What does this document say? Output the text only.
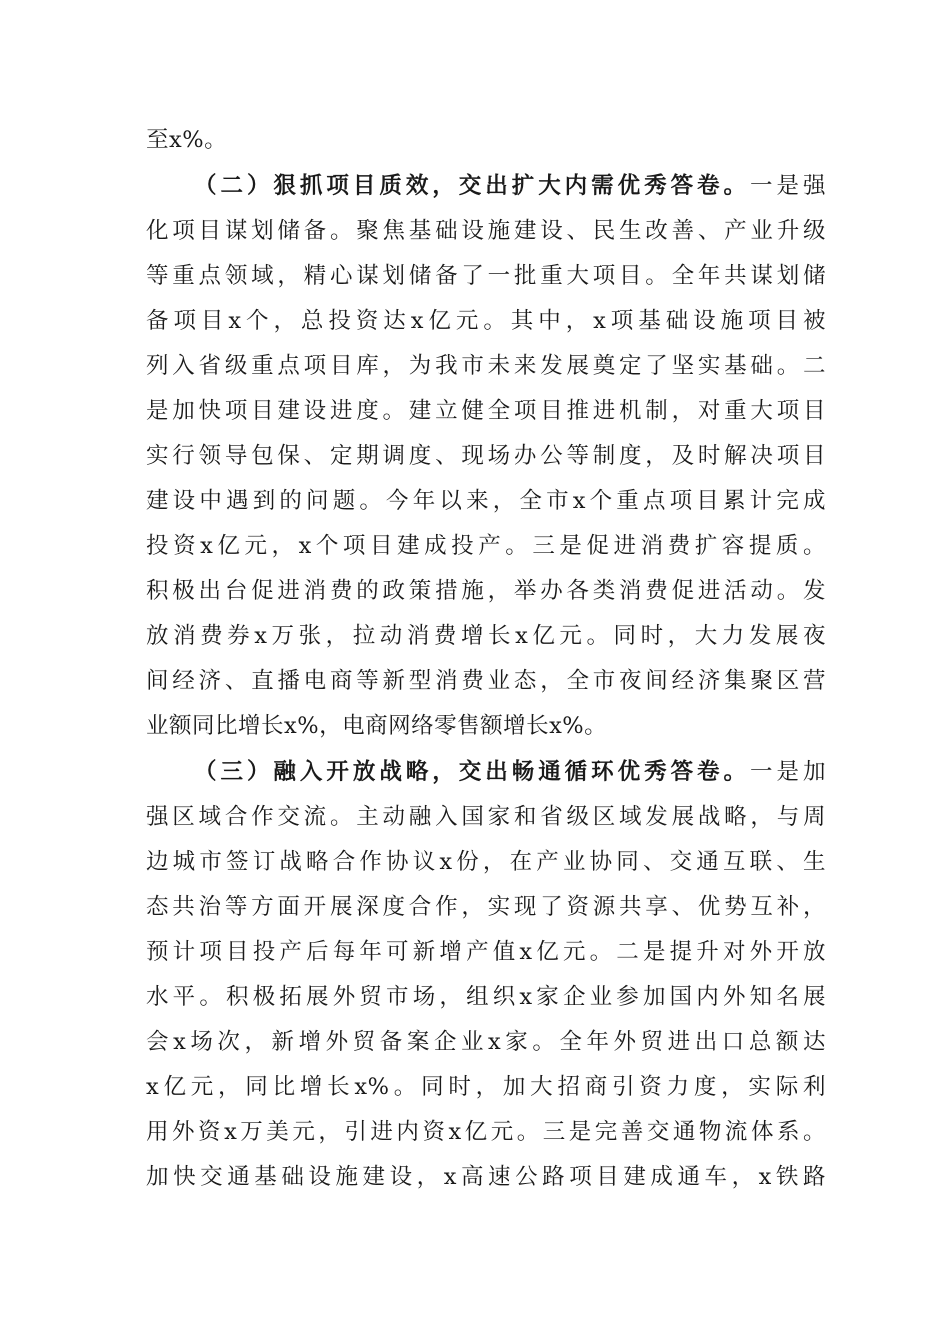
至x%。
（二）狠抓项目质效，交出扩大内需优秀答卷。一是强
化项目谋划储备。聚焦基础设施建设、民生改善、产业升级
等重点领域，精心谋划储备了一批重大项目。全年共谋划储
备项目x个，总投资达x亿元。其中，x项基础设施项目被
列入省级重点项目库，为我市未来发展奠定了坚实基础。二
是加快项目建设进度。建立健全项目推进机制，对重大项目
实行领导包保、定期调度、现场办公等制度，及时解决项目
建设中遇到的问题。今年以来，全市x个重点项目累计完成
投资x亿元，x个项目建成投产。三是促进消费扩容提质。
积极出台促进消费的政策措施，举办各类消费促进活动。发
放消费券x万张，拉动消费增长x亿元。同时，大力发展夜
间经济、直播电商等新型消费业态，全市夜间经济集聚区营
业额同比增长x%，电商网络零售额增长x%。
（三）融入开放战略，交出畅通循环优秀答卷。一是加
强区域合作交流。主动融入国家和省级区域发展战略，与周
边城市签订战略合作协议x份，在产业协同、交通互联、生
态共治等方面开展深度合作，实现了资源共享、优势互补，
预计项目投产后每年可新增产值x亿元。二是提升对外开放
水平。积极拓展外贸市场，组织x家企业参加国内外知名展
会x场次，新增外贸备案企业x家。全年外贸进出口总额达
x亿元，同比增长x%。同时，加大招商引资力度，实际利
用外资x万美元，引进内资x亿元。三是完善交通物流体系。
加快交通基础设施建设，x高速公路项目建成通车，x铁路
